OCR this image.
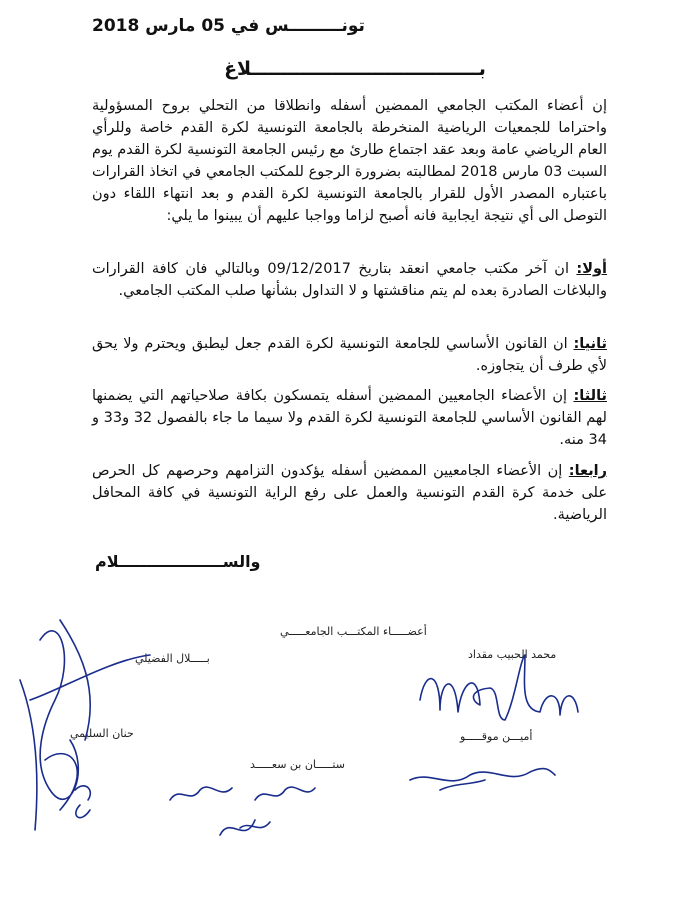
تونـــــــــس في 05 مارس 2018
بـــــــــــــــــــــــــــــــــــلاغ
إن أعضاء المكتب الجامعي الممضين أسفله وانطلاقا من التحلي بروح المسؤولية واحتراما للجمعيات الرياضية المنخرطة بالجامعة التونسية لكرة القدم خاصة وللرأي العام الرياضي عامة وبعد عقد اجتماع طارئ مع رئيس الجامعة التونسية لكرة القدم يوم السبت 03 مارس 2018 لمطالبته بضرورة الرجوع للمكتب الجامعي في اتخاذ القرارات باعتباره المصدر الأول للقرار بالجامعة التونسية لكرة القدم و بعد انتهاء اللقاء دون التوصل الى أي نتيجة ايجابية فانه أصبح لزاما وواجبا عليهم أن يبينوا ما يلي:
أولا: ان آخر مكتب جامعي انعقد بتاريخ 09/12/2017 وبالتالي فان كافة القرارات والبلاغات الصادرة بعده لم يتم مناقشتها و لا التداول بشأنها صلب المكتب الجامعي.
ثانيا: ان القانون الأساسي للجامعة التونسية لكرة القدم جعل ليطبق ويحترم ولا يحق لأي طرف أن يتجاوزه.
ثالثا: إن الأعضاء الجامعيين الممضين أسفله يتمسكون بكافة صلاحياتهم التي يضمنها لهم القانون الأساسي للجامعة التونسية لكرة القدم ولا سيما ما جاء بالفصول 32 و33 و 34 منه.
رابعا: إن الأعضاء الجامعيين الممضين أسفله يؤكدون التزامهم وحرصهم كل الحرص على خدمة كرة القدم التونسية والعمل على رفع الراية التونسية في كافة المحافل الرياضية.
والســـــــــــــــــــلام
أعضـــــاء المكتـــب الجامعـــــي
محمد الحبيب مقداد
بـــــلال الفضيلي
حنان السليمي	أميـــن موقـــــو
ستـــــان بن سعـــــد
